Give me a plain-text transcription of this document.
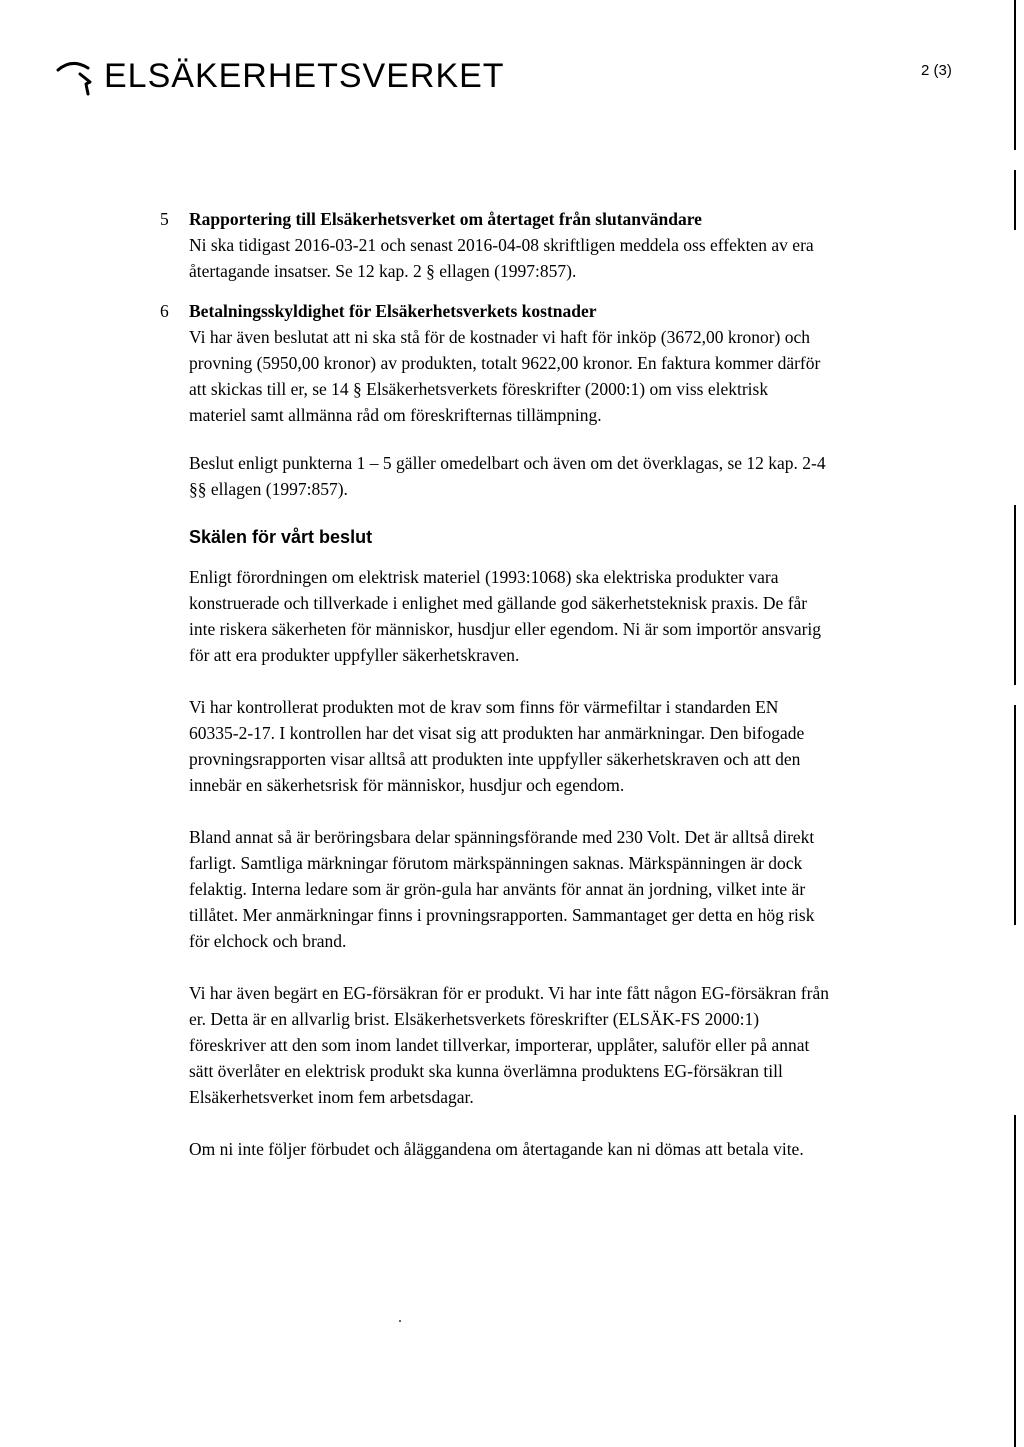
ELSÄKERHETSVERKET	2 (3)
5 Rapportering till Elsäkerhetsverket om återtaget från slutanvändare
Ni ska tidigast 2016-03-21 och senast 2016-04-08 skriftligen meddela oss effekten av era återtagande insatser. Se 12 kap. 2 § ellagen (1997:857).
6 Betalningsskyldighet för Elsäkerhetsverkets kostnader
Vi har även beslutat att ni ska stå för de kostnader vi haft för inköp (3672,00 kronor) och provning (5950,00 kronor) av produkten, totalt 9622,00 kronor. En faktura kommer därför att skickas till er, se 14 § Elsäkerhetsverkets föreskrifter (2000:1) om viss elektrisk materiel samt allmänna råd om föreskrifternas tillämpning.

Beslut enligt punkterna 1 – 5 gäller omedelbart och även om det överklagas, se 12 kap. 2-4 §§ ellagen (1997:857).

Skälen för vårt beslut

Enligt förordningen om elektrisk materiel (1993:1068) ska elektriska produkter vara konstruerade och tillverkade i enlighet med gällande god säkerhetsteknisk praxis. De får inte riskera säkerheten för människor, husdjur eller egendom. Ni är som importör ansvarig för att era produkter uppfyller säkerhetskraven.

Vi har kontrollerat produkten mot de krav som finns för värmefiltar i standarden EN 60335-2-17. I kontrollen har det visat sig att produkten har anmärkningar. Den bifogade provningsrapporten visar alltså att produkten inte uppfyller säkerhetskraven och att den innebär en säkerhetsrisk för människor, husdjur och egendom.

Bland annat så är beröringsbara delar spänningsförande med 230 Volt. Det är alltså direkt farligt. Samtliga märkningar förutom märkspänningen saknas. Märkspänningen är dock felaktig. Interna ledare som är grön-gula har använts för annat än jordning, vilket inte är tillåtet. Mer anmärkningar finns i provningsrapporten. Sammantaget ger detta en hög risk för elchock och brand.

Vi har även begärt en EG-försäkran för er produkt. Vi har inte fått någon EG-försäkran från er. Detta är en allvarlig brist. Elsäkerhetsverkets föreskrifter (ELSÄK-FS 2000:1) föreskriver att den som inom landet tillverkar, importerar, upplåter, saluför eller på annat sätt överlåter en elektrisk produkt ska kunna överlämna produktens EG-försäkran till Elsäkerhetsverket inom fem arbetsdagar.

Om ni inte följer förbudet och åläggandena om återtagande kan ni dömas att betala vite.
